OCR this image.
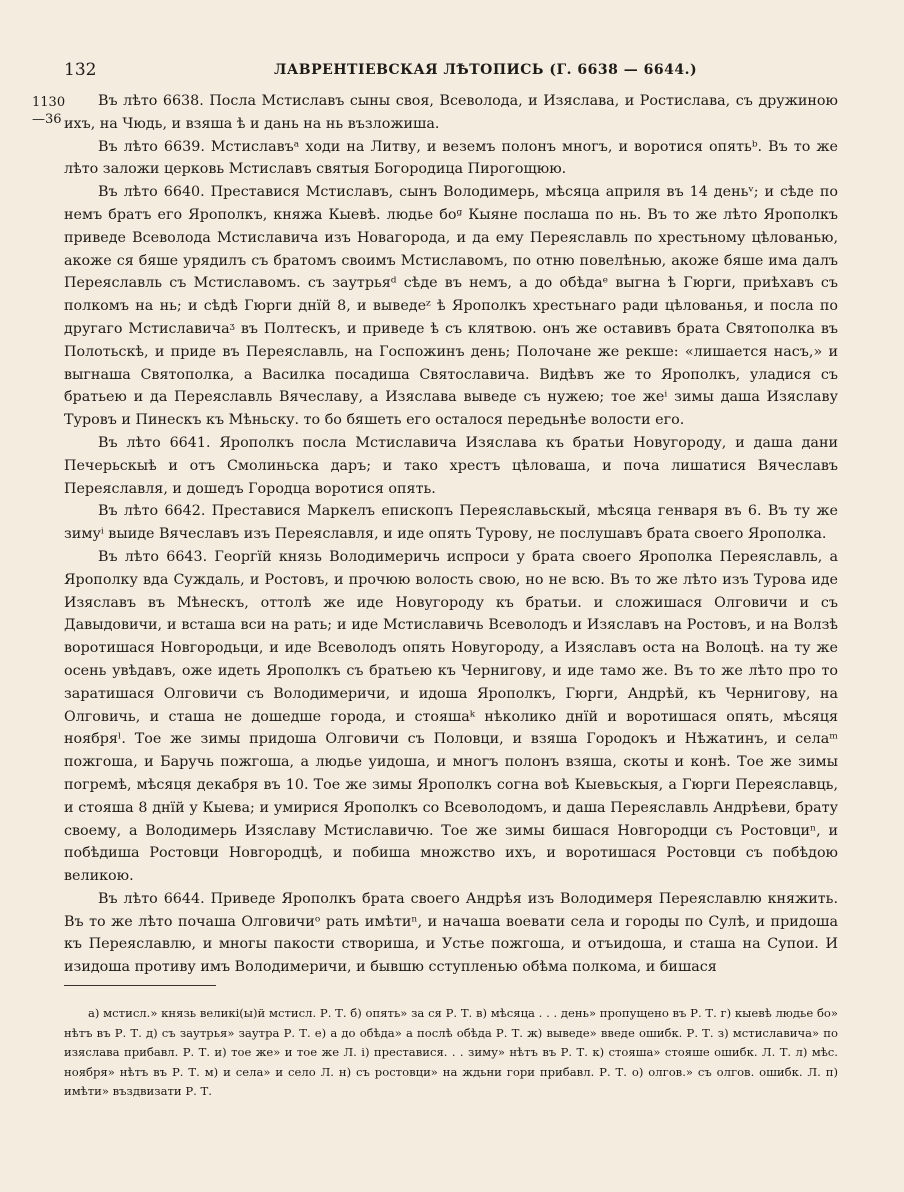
132	ЛАВРЕНТІЕВСКАЯ ЛѢТОПИСЬ (Г. 6638 — 6644.)
1130
—36

Въ лѣто 6638. Посла Мстиславъ сыны своя, Всеволода, и Изяслава, и Ростислава, съ дружиною ихъ, на Чюдь, и взяша ѣ и дань на нь възложиша.

Въ лѣто 6639. Мстиславъᵃ ходи на Литву, и веземъ полонъ многъ, и воротися опятьᵇ. Въ то же лѣто заложи церковь Мстиславъ святыя Богородица Пирогощюю.

Въ лѣто 6640. Преставися Мстиславъ, сынъ Володимерь, мѣсяца априля въ 14 деньᵛ; и сѣде по немъ братъ его Ярополкъ, княжа Кыевѣ. людье боᵍ Кыяне послаша по нь. Въ то же лѣто Ярополкъ приведе Всеволода Мстиславича изъ Новагорода, и да ему Переяславль по хрестьному цѣлованью, акоже ся бяше урядилъ съ братомъ своимъ Мстиславомъ, по отню повелѣнью, акоже бяше има далъ Переяславль съ Мстиславомъ. съ заутрьяᵈ сѣде въ немъ, а до обѣдаᵉ выгна ѣ Гюрги, приѣхавъ съ полкомъ на нь; и сѣдѣ Гюрги днїй 8, и выведеᶻ ѣ Ярополкъ хрестьнаго ради цѣлованья, и посла по другаго Мстиславичаᶾ въ Полтескъ, и приведе ѣ съ клятвою. онъ же оставивъ брата Святополка въ Полотьскѣ, и приде въ Переяславль, на Госпожинъ день; Полочане же рекше: «лишается насъ,» и выгнаша Святополка, а Василка посадиша Святославича. Видѣвъ же то Ярополкъ, уладися съ братьею и да Переяславль Вячеславу, а Изяслава выведе съ нужею; тое жеⁱ зимы даша Изяславу Туровъ и Пинескъ къ Мѣньску. то бо бяшеть его осталося передьнѣе волости его.

Въ лѣто 6641. Ярополкъ посла Мстиславича Изяслава къ братьи Новугороду, и даша дани Печерьскыѣ и отъ Смолиньска даръ; и тако хрестъ цѣловаша, и поча лишатися Вячеславъ Переяславля, и дошедъ Городца воротися опять.

Въ лѣто 6642. Преставися Маркелъ епископъ Переяславьскый, мѣсяца генваря въ 6. Въ ту же зимуⁱ выиде Вячеславъ изъ Переяславля, и иде опять Турову, не послушавъ брата своего Ярополка.

Въ лѣто 6643. Георгїй князь Володимеричь испроси у брата своего Ярополка Переяславль, а Ярополку вда Суждаль, и Ростовъ, и прочюю волость свою, но не всю. Въ то же лѣто изъ Турова иде Изяславъ въ Мѣнескъ, оттолѣ же иде Новугороду къ братьи. и сложишася Олговичи и съ Давыдовичи, и всташа вси на рать; и иде Мстиславичь Всеволодъ и Изяславъ на Ростовъ, и на Волзѣ воротишася Новгородьци, и иде Всеволодъ опять Новугороду, а Изяславъ оста на Волоцѣ. на ту же осень увѣдавъ, оже идеть Ярополкъ съ братьею къ Чернигову, и иде тамо же. Въ то же лѣто про то заратишася Олговичи съ Володимеричи, и идоша Ярополкъ, Гюрги, Андрѣй, къ Чернигову, на Олговичь, и сташа не дошедше города, и стояшаᵏ нѣколико днїй и воротишася опять, мѣсяця ноябряˡ. Тое же зимы придоша Олговичи съ Половци, и взяша Городокъ и Нѣжатинъ, и селаᵐ пожгоша, и Баручь пожгоша, а людье уидоша, и многъ полонъ взяша, скоты и конѣ. Тое же зимы погремѣ, мѣсяця декабря въ 10. Тое же зимы Ярополкъ согна воѣ Кыевьскыя, а Гюрги Переяславць, и стояша 8 днїй у Кыева; и умирися Ярополкъ со Всеволодомъ, и даша Переяславль Андрѣеви, брату своему, а Володимерь Изяславу Мстиславичю. Тое же зимы бишася Новгородци съ Ростовциⁿ, и побѣдиша Ростовци Новгородцѣ, и побиша множство ихъ, и воротишася Ростовци съ побѣдою великою.

Въ лѣто 6644. Приведе Ярополкъ брата своего Андрѣя изъ Володимеря Переяславлю княжить. Въ то же лѣто почаша Олговичиᵒ рать имѣтиⁿ, и начаша воевати села и городы по Сулѣ, и придоша къ Переяславлю, и многы пакости створиша, и Устье пожгоша, и отъидоша, и сташа на Супои. И изидоша противу имъ Володимеричи, и бывшю сступленью обѣма полкома, и бишася

а) мстисл.» князь великi(ы)й мстисл. Р. Т. б) опять» за ся Р. Т. в) мѣсяца . . . день» пропущено въ Р. Т. г) кыевѣ людье бо» нѣтъ въ Р. Т. д) съ заутрья» заутра Р. Т. е) а до обѣда» а послѣ обѣда Р. Т. ж) выведе» введе ошибк. Р. Т. з) мстиславича» по изяслава прибавл. Р. Т. и) тое же» и тое же Л. і) преставися. . . зиму» нѣтъ въ Р. Т. к) стояша» стояше ошибк. Л. Т. л) мѣс. ноября» нѣтъ въ Р. Т. м) и села» и село Л. н) съ ростовци» на ждьни гори прибавл. Р. Т. о) олгов.» съ олгов. ошибк. Л. п) имѣти» въздвизати Р. Т.
